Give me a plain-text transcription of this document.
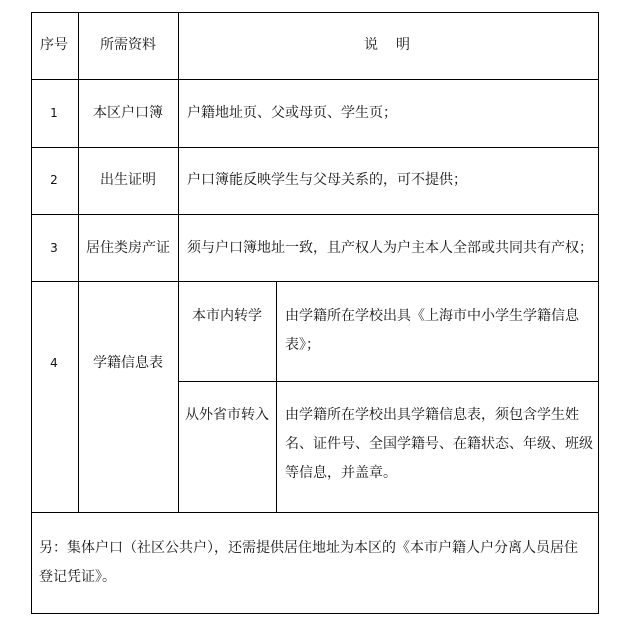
序号 所需资料	说　明
1	本区户口簿 户籍地址页、父或母页、学生页；
2	出生证明 户口簿能反映学生与父母关系的，可不提供；
3 居住类房产证 须与户口簿地址一致，且产权人为户主本人全部或共同共有产权；
4	学籍信息表
本市内转学 由学籍所在学校出具《上海市中小学生学籍信息
表》；
从外省市转入 由学籍所在学校出具学籍信息表，须包含学生姓
名、证件号、全国学籍号、在籍状态、年级、班级
等信息，并盖章。
另：集体户口（社区公共户），还需提供居住地址为本区的《本市户籍人户分离人员居住
登记凭证》。
